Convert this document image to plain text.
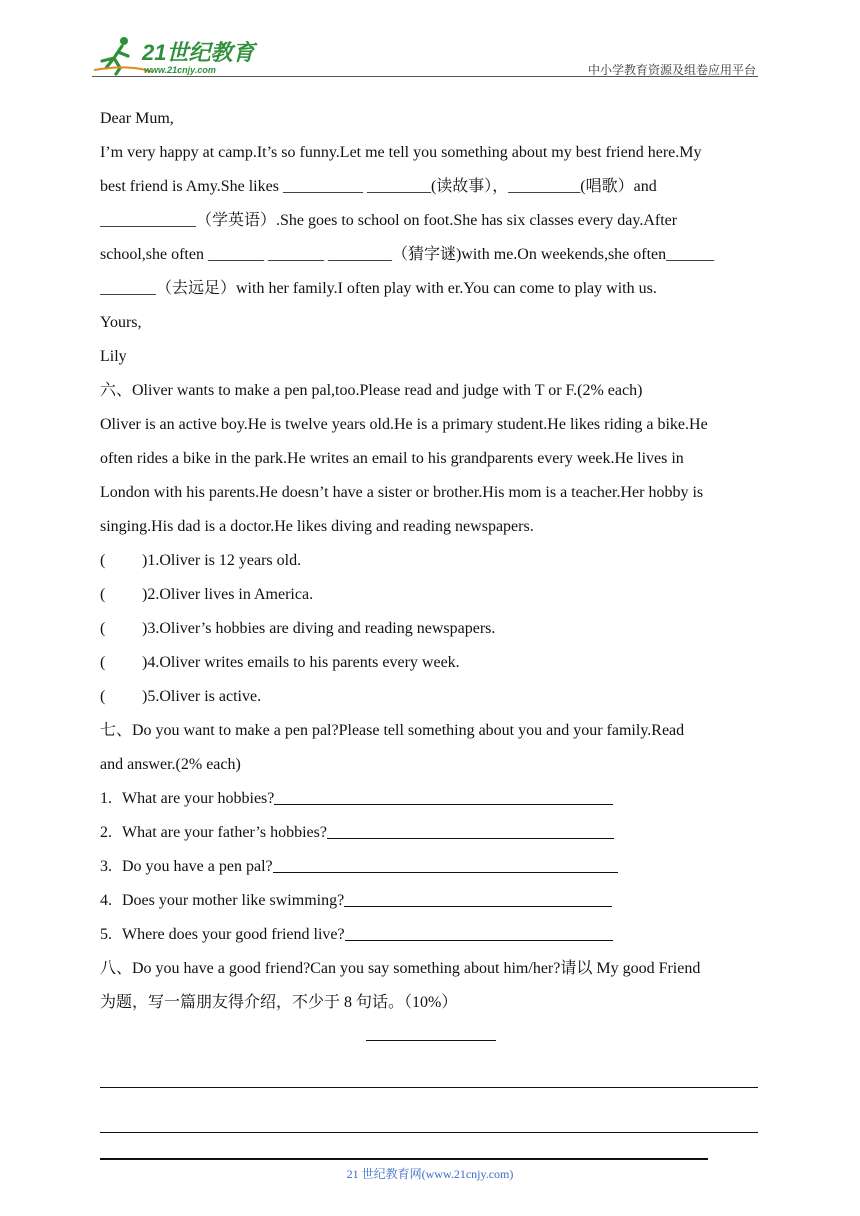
21世纪教育
www.21cnjy.com	中小学教育资源及组卷应用平台
Dear Mum,
I’m very happy at camp.It’s so funny.Let me tell you something about my best friend here.My
best friend is Amy.She likes __________ ________(读故事），_________(唱歌）and
____________（学英语）.She goes to school on foot.She has six classes every day.After
school,she often _______ _______ ________（猜字谜)with me.On weekends,she often______
_______（去远足）with her family.I often play with er.You can come to play with us.
Yours,
Lily
六、Oliver wants to make a pen pal,too.Please read and judge with T or F.(2% each)
Oliver is an active boy.He is twelve years old.He is a primary student.He likes riding a bike.He
often rides a bike in the park.He writes an email to his grandparents every week.He lives in
London with his parents.He doesn’t have a sister or brother.His mom is a teacher.Her hobby is
singing.His dad is a doctor.He likes diving and reading newspapers.
( )1.Oliver is 12 years old.
( )2.Oliver lives in America.
( )3.Oliver’s hobbies are diving and reading newspapers.
( )4.Oliver writes emails to his parents every week.
( )5.Oliver is active.
七、Do you want to make a pen pal?Please tell something about you and your family.Read
and answer.(2% each)
1. What are your hobbies?
2. What are your father’s hobbies?
3. Do you have a pen pal?
4. Does your mother like swimming?
5. Where does your good friend live?
八、Do you have a good friend?Can you say something about him/her?请以 My good Friend
为题，写一篇朋友得介绍，不少于 8 句话。（10%）
21 世纪教育网(www.21cnjy.com)
